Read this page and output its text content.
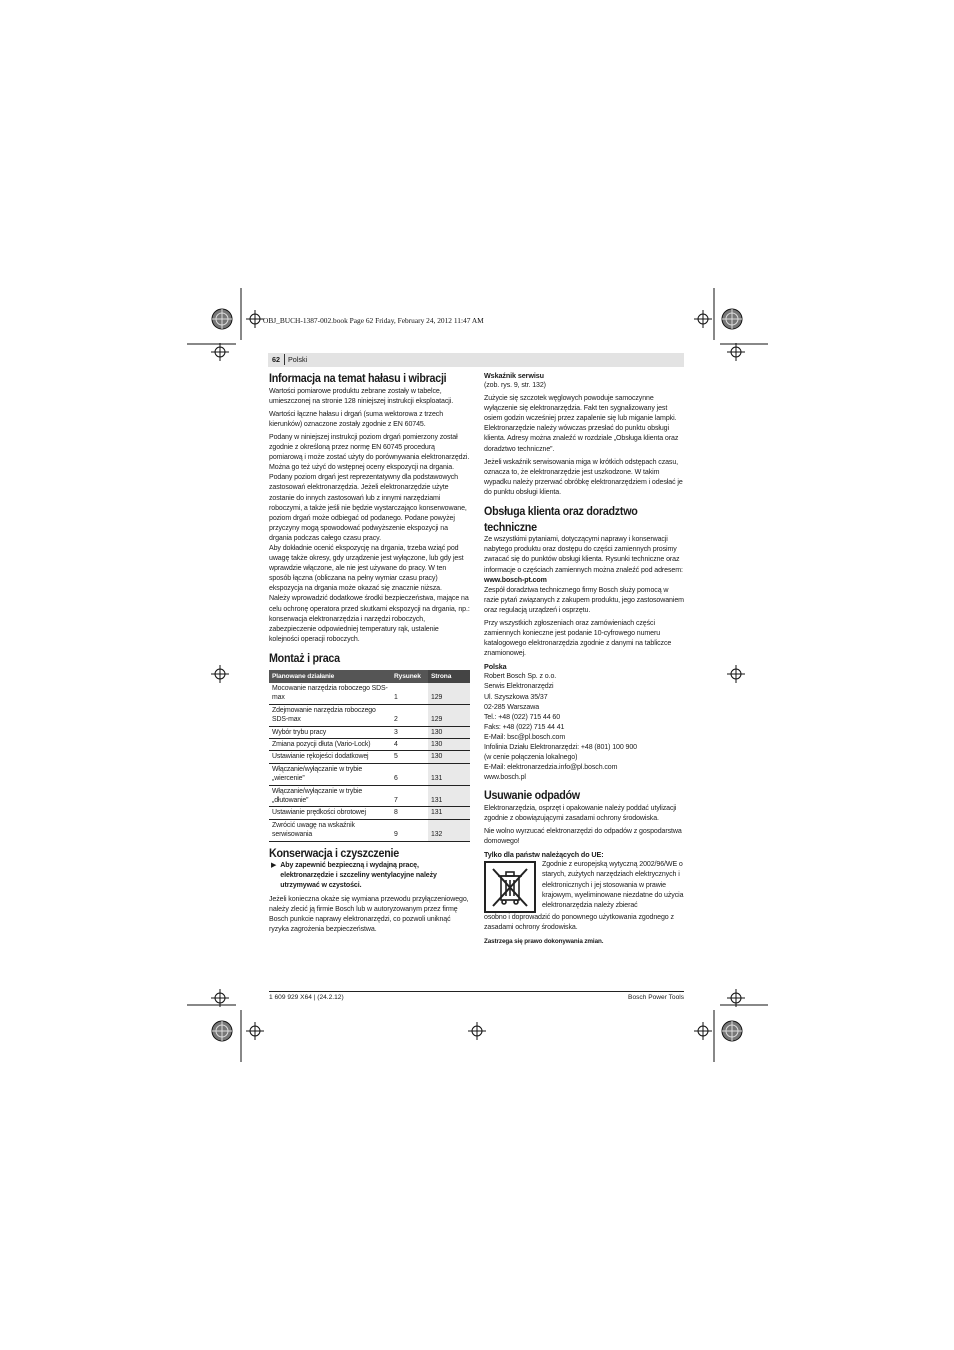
OBJ_BUCH-1387-002.book Page 62 Friday, February 24, 2012 11:47 AM
62 Polski
Informacja na temat hałasu i wibracji

Wartości pomiarowe produktu zebrane zostały w tabelce, umieszczonej na stronie 128 niniejszej instrukcji eksploatacji.

Wartości łączne hałasu i drgań (suma wektorowa z trzech kierunków) oznaczone zostały zgodnie z EN 60745.

Podany w niniejszej instrukcji poziom drgań pomierzony został zgodnie z określoną przez normę EN 60745 procedurą pomiarową i może zostać użyty do porównywania elektronarzędzi. Można go też użyć do wstępnej oceny ekspozycji na drgania.

Podany poziom drgań jest reprezentatywny dla podstawowych zastosowań elektronarzędzia. Jeżeli elektronarzędzie użyte zostanie do innych zastosowań lub z innymi narzędziami roboczymi, a także jeśli nie będzie wystarczająco konserwowane, poziom drgań może odbiegać od podanego. Podane powyżej przyczyny mogą spowodować podwyższenie ekspozycji na drgania podczas całego czasu pracy.

Aby dokładnie ocenić ekspozycję na drgania, trzeba wziąć pod uwagę także okresy, gdy urządzenie jest wyłączone, lub gdy jest wprawdzie włączone, ale nie jest używane do pracy. W ten sposób łączna (obliczana na pełny wymiar czasu pracy) ekspozycja na drgania może okazać się znacznie niższa.

Należy wprowadzić dodatkowe środki bezpieczeństwa, mające na celu ochronę operatora przed skutkami ekspozycji na drgania, np.: konserwacja elektronarzędzia i narzędzi roboczych, zabezpieczenie odpowiedniej temperatury rąk, ustalenie kolejności operacji roboczych.

Montaż i praca
Planowane działanie	Rysunek	Strona
Mocowanie narzędzia roboczego SDS-max	1	129
Zdejmowanie narzędzia roboczego SDS-max	2	129
Wybór trybu pracy	3	130
Zmiana pozycji dłuta (Vario-Lock)	4	130
Ustawianie rękojeści dodatkowej	5	130
Włączanie/wyłączanie w trybie „wiercenie”	6	131
Włączanie/wyłączanie w trybie „dłutowanie”	7	131
Ustawianie prędkości obrotowej	8	131
Zwrócić uwagę na wskaźnik serwisowania	9	132
Konserwacja i czyszczenie
▶ Aby zapewnić bezpieczną i wydajną pracę, elektronarzędzie i szczeliny wentylacyjne należy utrzymywać w czystości.

Jeżeli konieczna okaże się wymiana przewodu przyłączeniowego, należy zlecić ją firmie Bosch lub w autoryzowanym przez firmę Bosch punkcie naprawy elektronarzędzi, co pozwoli uniknąć ryzyka zagrożenia bezpieczeństwa.

Wskaźnik serwisu

(zob. rys. 9, str. 132)

Zużycie się szczotek węglowych powoduje samoczynne wyłączenie się elektronarzędzia. Fakt ten sygnalizowany jest osiem godzin wcześniej przez zapalenie się lub miganie lampki. Elektronarzędzie należy wówczas przesłać do punktu obsługi klienta. Adresy można znaleźć w rozdziale „Obsługa klienta oraz doradztwo techniczne”.

Jeżeli wskaźnik serwisowania miga w krótkich odstępach czasu, oznacza to, że elektronarzędzie jest uszkodzone. W takim wypadku należy przerwać obróbkę elektronarzędziem i odesłać je do punktu obsługi klienta.

Obsługa klienta oraz doradztwo techniczne

Ze wszystkimi pytaniami, dotyczącymi naprawy i konserwacji nabytego produktu oraz dostępu do części zamiennych prosimy zwracać się do punktów obsługi klienta. Rysunki techniczne oraz informacje o częściach zamiennych można znaleźć pod adresem:

www.bosch-pt.com

Zespół doradztwa technicznego firmy Bosch służy pomocą w razie pytań związanych z zakupem produktu, jego zastosowaniem oraz regulacją urządzeń i osprzętu.

Przy wszystkich zgłoszeniach oraz zamówieniach części zamiennych konieczne jest podanie 10-cyfrowego numeru katalogowego elektronarzędzia zgodnie z danymi na tabliczce znamionowej.

Polska
Robert Bosch Sp. z o.o.
Serwis Elektronarzędzi
Ul. Szyszkowa 35/37
02-285 Warszawa
Tel.: +48 (022) 715 44 60
Faks: +48 (022) 715 44 41
E-Mail: bsc@pl.bosch.com
Infolinia Działu Elektronarzędzi: +48 (801) 100 900
(w cenie połączenia lokalnego)
E-Mail: elektronarzedzia.info@pl.bosch.com
www.bosch.pl
Usuwanie odpadów

Elektronarzędzia, osprzęt i opakowanie należy poddać utylizacji zgodnie z obowiązującymi zasadami ochrony środowiska.

Nie wolno wyrzucać elektronarzędzi do odpadów z gospodarstwa domowego!

Tylko dla państw należących do UE:
Zgodnie z europejską wytyczną 2002/96/WE o starych, zużytych narzędziach elektrycznych i elektronicznych i jej stosowania w prawie krajowym, wyeliminowane niezdatne do użycia elektronarzędzia należy zbierać

osobno i doprowadzić do ponownego użytkowania zgodnego z zasadami ochrony środowiska.

Zastrzega się prawo dokonywania zmian.

1 609 929 X64 | (24.2.12)	Bosch Power Tools
